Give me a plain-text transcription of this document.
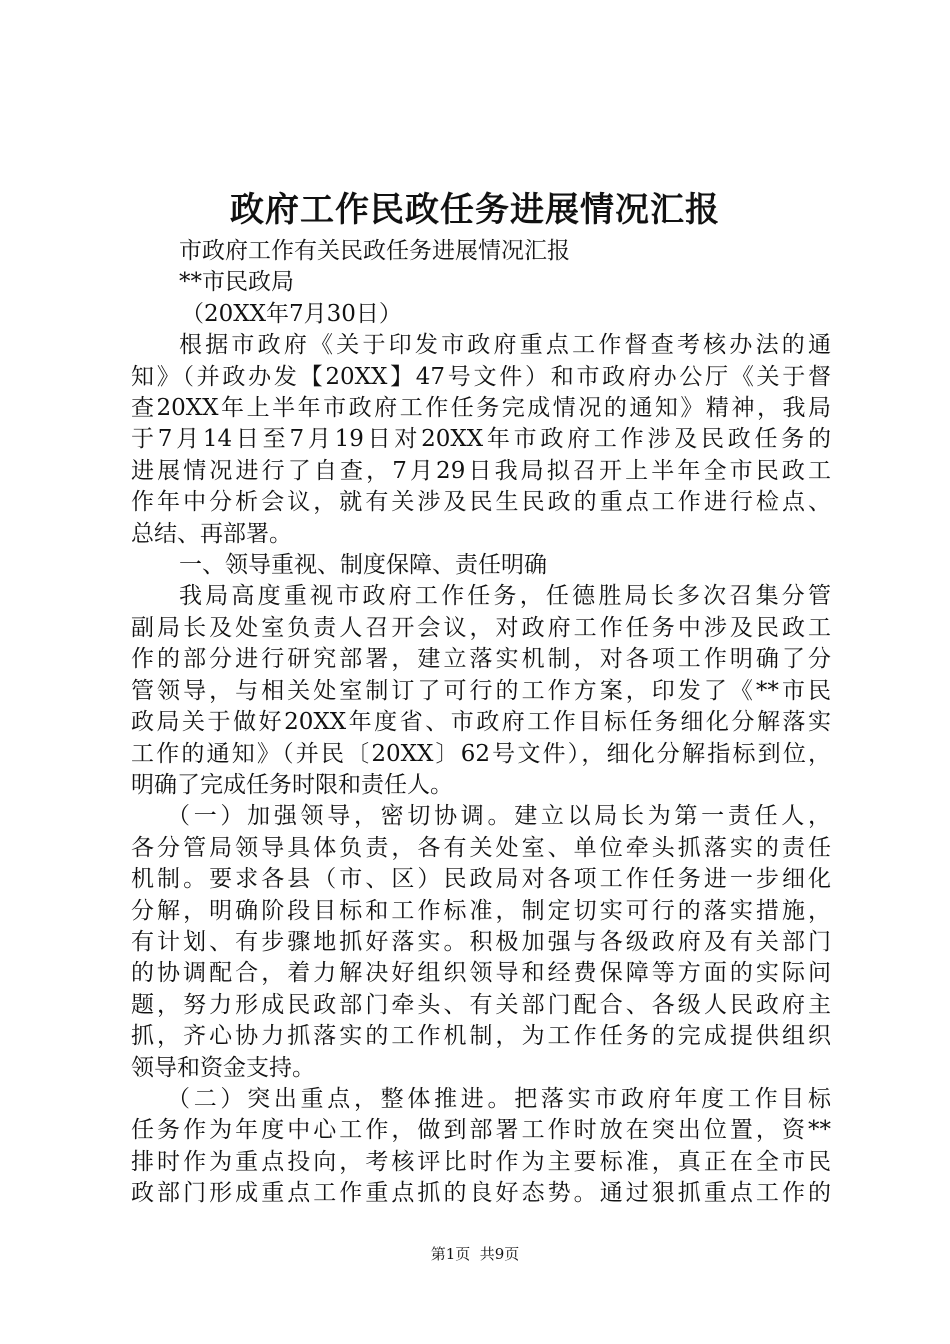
政府工作民政任务进展情况汇报

市政府工作有关民政任务进展情况汇报

**市民政局

（20XX年7月30日）

根据市政府《关于印发市政府重点工作督查考核办法的通

知》（并政办发【20XX】47号文件）和市政府办公厅《关于督

查20XX年上半年市政府工作任务完成情况的通知》精神，我局

于7月14日至7月19日对20XX年市政府工作涉及民政任务的

进展情况进行了自查，7月29日我局拟召开上半年全市民政工

作年中分析会议，就有关涉及民生民政的重点工作进行检点、

总结、再部署。

一、领导重视、制度保障、责任明确

我局高度重视市政府工作任务，任德胜局长多次召集分管

副局长及处室负责人召开会议，对政府工作任务中涉及民政工

作的部分进行研究部署，建立落实机制，对各项工作明确了分

管领导，与相关处室制订了可行的工作方案，印发了《**市民

政局关于做好20XX年度省、市政府工作目标任务细化分解落实

工作的通知》（并民〔20XX〕62号文件），细化分解指标到位，

明确了完成任务时限和责任人。

（一）加强领导，密切协调。建立以局长为第一责任人，

各分管局领导具体负责，各有关处室、单位牵头抓落实的责任

机制。要求各县（市、区）民政局对各项工作任务进一步细化

分解，明确阶段目标和工作标准，制定切实可行的落实措施，

有计划、有步骤地抓好落实。积极加强与各级政府及有关部门

的协调配合，着力解决好组织领导和经费保障等方面的实际问

题，努力形成民政部门牵头、有关部门配合、各级人民政府主

抓，齐心协力抓落实的工作机制，为工作任务的完成提供组织

领导和资金支持。

（二）突出重点，整体推进。把落实市政府年度工作目标

任务作为年度中心工作，做到部署工作时放在突出位置，资**

排时作为重点投向，考核评比时作为主要标准，真正在全市民

政部门形成重点工作重点抓的良好态势。通过狠抓重点工作的

第1页  共9页
